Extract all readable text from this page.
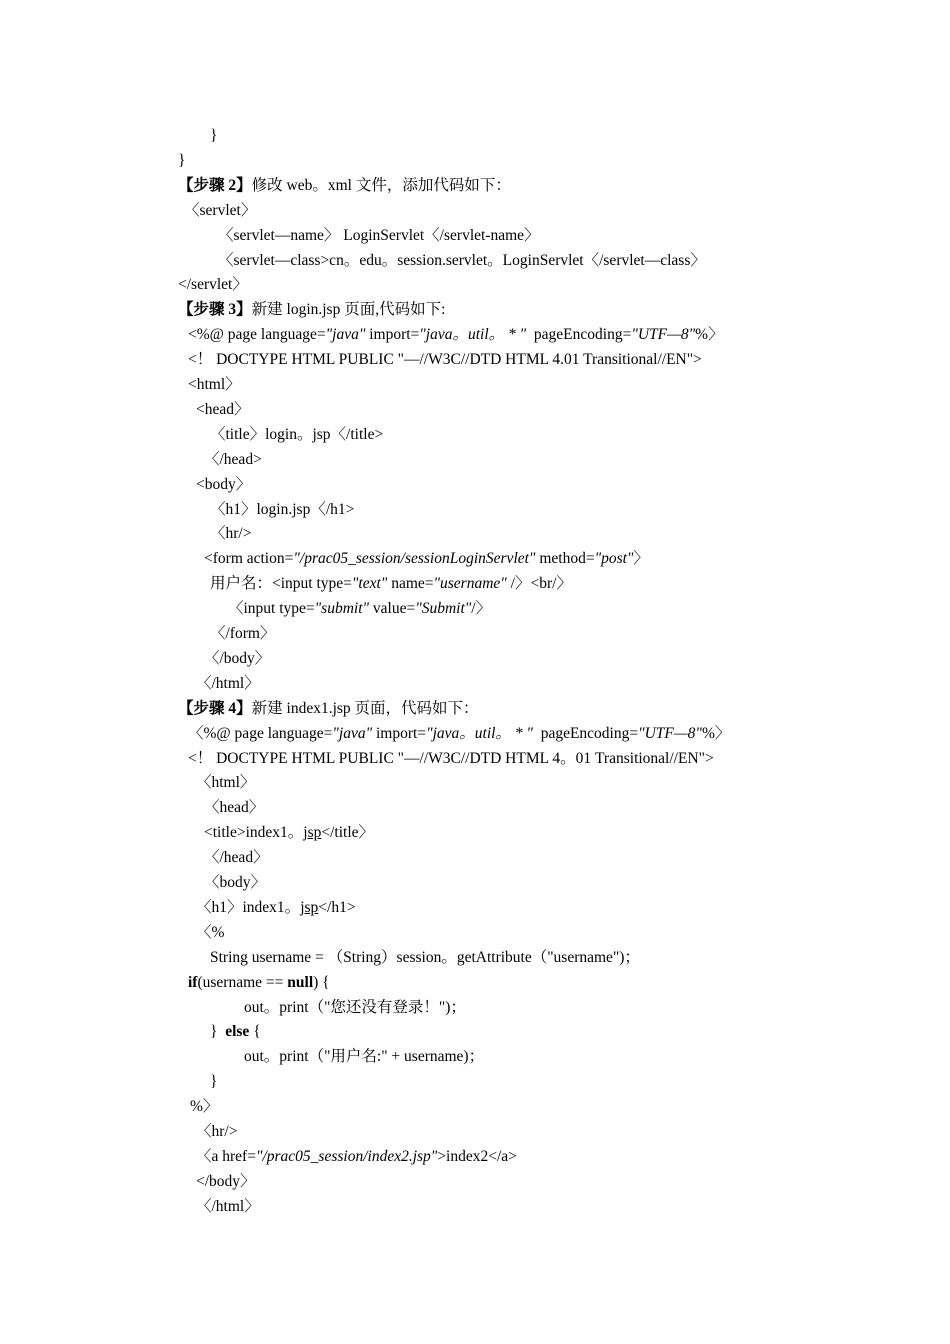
}
}
【步骤 2】修改 web。xml 文件，添加代码如下：
〈servlet〉
〈servlet—name〉 LoginServlet〈/servlet-name〉
〈servlet—class>cn。edu。session.servlet。LoginServlet〈/servlet—class〉
</servlet〉
【步骤 3】新建 login.jsp 页面,代码如下:
<%@ page language="java" import="java。util。 * "  pageEncoding="UTF—8"%〉
<！ DOCTYPE HTML PUBLIC "—//W3C//DTD HTML 4.01 Transitional//EN">
<html〉
<head〉
〈title〉login。jsp〈/title>
〈/head>
<body〉
〈h1〉login.jsp〈/h1>
〈hr/>
<form action="/prac05_session/sessionLoginServlet" method="post"〉
用户名：<input type="text" name="username" /〉<br/〉
〈input type="submit" value="Submit"/〉
〈/form〉
〈/body〉
〈/html〉
【步骤 4】新建 index1.jsp 页面，代码如下：
〈%@ page language="java" import="java。util。 * "  pageEncoding="UTF—8"%〉
<！ DOCTYPE HTML PUBLIC "—//W3C//DTD HTML 4。01 Transitional//EN">
〈html〉
〈head〉
<title>index1。jsp</title〉
〈/head〉
〈body〉
〈h1〉index1。jsp</h1>
〈%
String username = （String）session。getAttribute（"username")；
if(username == null) {
out。print（"您还没有登录！")；
}  else {
out。print（"用户名:" + username)；
}
%〉
〈hr/>
〈a href="/prac05_session/index2.jsp">index2</a>
</body〉
〈/html〉
